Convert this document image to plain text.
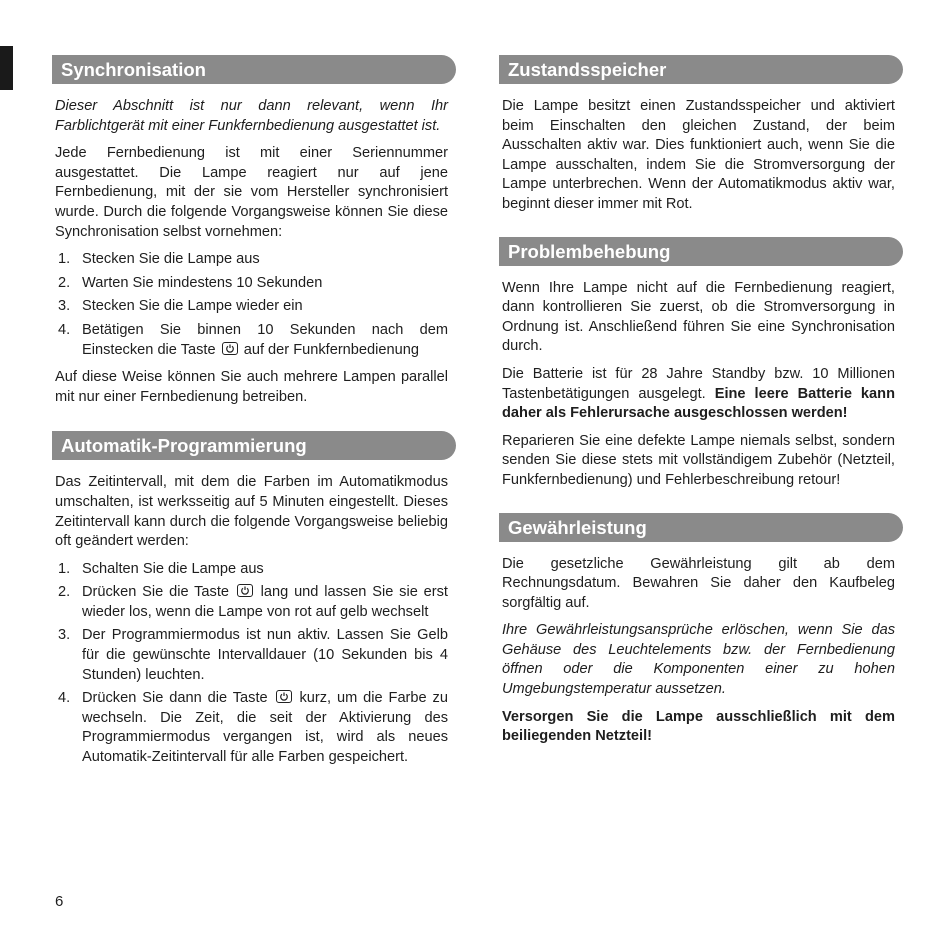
Synchronisation

Dieser Abschnitt ist nur dann relevant, wenn Ihr Farblichtgerät mit einer Funkfernbedienung ausgestattet ist.

Jede Fernbedienung ist mit einer Seriennummer ausgestattet. Die Lampe reagiert nur auf jene Fernbedienung, mit der sie vom Hersteller synchronisiert wurde. Durch die folgende Vorgangsweise können Sie diese Synchronisation selbst vornehmen:

1. Stecken Sie die Lampe aus
2. Warten Sie mindestens 10 Sekunden
3. Stecken Sie die Lampe wieder ein
4. Betätigen Sie binnen 10 Sekunden nach dem Einstecken die Taste auf der Funkfernbedienung

Auf diese Weise können Sie auch mehrere Lampen parallel mit nur einer Fernbedienung betreiben.

Automatik-Programmierung

Das Zeitintervall, mit dem die Farben im Automatikmodus umschalten, ist werksseitig auf 5 Minuten eingestellt. Dieses Zeitintervall kann durch die folgende Vorgangsweise beliebig oft geändert werden:

1. Schalten Sie die Lampe aus
2. Drücken Sie die Taste lang und lassen Sie sie erst wieder los, wenn die Lampe von rot auf gelb wechselt
3. Der Programmiermodus ist nun aktiv. Lassen Sie Gelb für die gewünschte Intervalldauer (10 Sekunden bis 4 Stunden) leuchten.
4. Drücken Sie dann die Taste kurz, um die Farbe zu wechseln. Die Zeit, die seit der Aktivierung des Programmiermodus vergangen ist, wird als neues Automatik-Zeitintervall für alle Farben gespeichert.
Zustandsspeicher

Die Lampe besitzt einen Zustandsspeicher und aktiviert beim Einschalten den gleichen Zustand, der beim Ausschalten aktiv war. Dies funktioniert auch, wenn Sie die Lampe ausschalten, indem Sie die Stromversorgung der Lampe unterbrechen. Wenn der Automatikmodus aktiv war, beginnt dieser immer mit Rot.

Problembehebung

Wenn Ihre Lampe nicht auf die Fernbedienung reagiert, dann kontrollieren Sie zuerst, ob die Stromversorgung in Ordnung ist. Anschließend führen Sie eine Synchronisation durch.

Die Batterie ist für 28 Jahre Standby bzw. 10 Millionen Tastenbetätigungen ausgelegt. Eine leere Batterie kann daher als Fehlerursache ausgeschlossen werden!

Reparieren Sie eine defekte Lampe niemals selbst, sondern senden Sie diese stets mit vollständigem Zubehör (Netzteil, Funkfernbedienung) und Fehlerbeschreibung retour!

Gewährleistung

Die gesetzliche Gewährleistung gilt ab dem Rechnungsdatum. Bewahren Sie daher den Kaufbeleg sorgfältig auf.

Ihre Gewährleistungsansprüche erlöschen, wenn Sie das Gehäuse des Leuchtelements bzw. der Fernbedienung öffnen oder die Komponenten einer zu hohen Umgebungstemperatur aussetzen.

Versorgen Sie die Lampe ausschließlich mit dem beiliegenden Netzteil!

6
